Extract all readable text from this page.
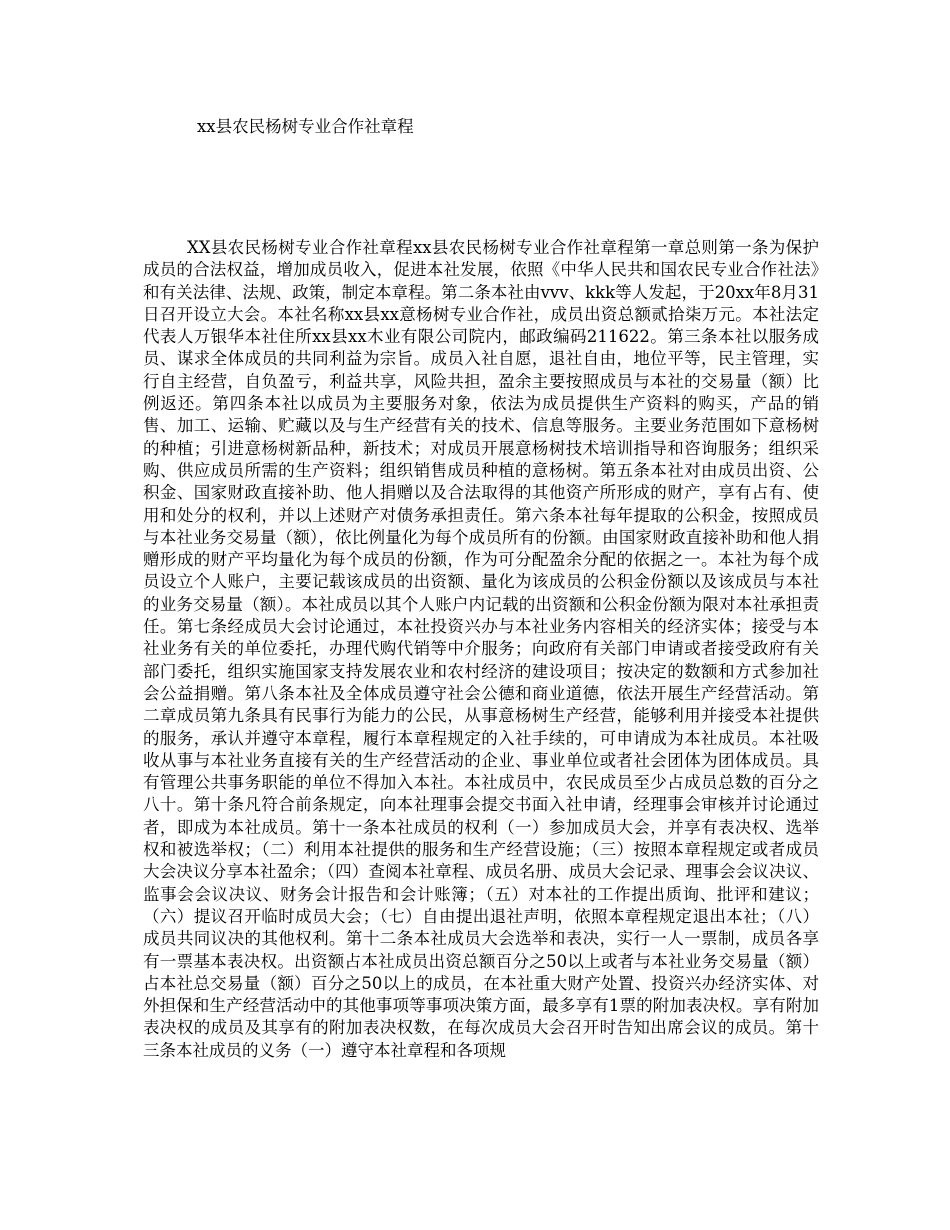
xx县农民杨树专业合作社章程

XX县农民杨树专业合作社章程xx县农民杨树专业合作社章程第一章总则第一条为保护成员的合法权益，增加成员收入，促进本社发展，依照《中华人民共和国农民专业合作社法》和有关法律、法规、政策，制定本章程。第二条本社由vvv、kkk等人发起，于20xx年8月31日召开设立大会。本社名称xx县xx意杨树专业合作社，成员出资总额贰拾柒万元。本社法定代表人万银华本社住所xx县xx木业有限公司院内，邮政编码211622。第三条本社以服务成员、谋求全体成员的共同利益为宗旨。成员入社自愿，退社自由，地位平等，民主管理，实行自主经营，自负盈亏，利益共享，风险共担，盈余主要按照成员与本社的交易量（额）比例返还。第四条本社以成员为主要服务对象，依法为成员提供生产资料的购买，产品的销售、加工、运输、贮藏以及与生产经营有关的技术、信息等服务。主要业务范围如下意杨树的种植；引进意杨树新品种，新技术；对成员开展意杨树技术培训指导和咨询服务；组织采购、供应成员所需的生产资料；组织销售成员种植的意杨树。第五条本社对由成员出资、公积金、国家财政直接补助、他人捐赠以及合法取得的其他资产所形成的财产，享有占有、使用和处分的权利，并以上述财产对债务承担责任。第六条本社每年提取的公积金，按照成员与本社业务交易量（额），依比例量化为每个成员所有的份额。由国家财政直接补助和他人捐赠形成的财产平均量化为每个成员的份额，作为可分配盈余分配的依据之一。本社为每个成员设立个人账户，主要记载该成员的出资额、量化为该成员的公积金份额以及该成员与本社的业务交易量（额）。本社成员以其个人账户内记载的出资额和公积金份额为限对本社承担责任。第七条经成员大会讨论通过，本社投资兴办与本社业务内容相关的经济实体；接受与本社业务有关的单位委托，办理代购代销等中介服务；向政府有关部门申请或者接受政府有关部门委托，组织实施国家支持发展农业和农村经济的建设项目；按决定的数额和方式参加社会公益捐赠。第八条本社及全体成员遵守社会公德和商业道德，依法开展生产经营活动。第二章成员第九条具有民事行为能力的公民，从事意杨树生产经营，能够利用并接受本社提供的服务，承认并遵守本章程，履行本章程规定的入社手续的，可申请成为本社成员。本社吸收从事与本社业务直接有关的生产经营活动的企业、事业单位或者社会团体为团体成员。具有管理公共事务职能的单位不得加入本社。本社成员中，农民成员至少占成员总数的百分之八十。第十条凡符合前条规定，向本社理事会提交书面入社申请，经理事会审核并讨论通过者，即成为本社成员。第十一条本社成员的权利（一）参加成员大会，并享有表决权、选举权和被选举权；（二）利用本社提供的服务和生产经营设施；（三）按照本章程规定或者成员大会决议分享本社盈余；（四）查阅本社章程、成员名册、成员大会记录、理事会会议决议、监事会会议决议、财务会计报告和会计账簿；（五）对本社的工作提出质询、批评和建议；（六）提议召开临时成员大会；（七）自由提出退社声明，依照本章程规定退出本社；（八）成员共同议决的其他权利。第十二条本社成员大会选举和表决，实行一人一票制，成员各享有一票基本表决权。出资额占本社成员出资总额百分之50以上或者与本社业务交易量（额）占本社总交易量（额）百分之50以上的成员，在本社重大财产处置、投资兴办经济实体、对外担保和生产经营活动中的其他事项等事项决策方面，最多享有1票的附加表决权。享有附加表决权的成员及其享有的附加表决权数，在每次成员大会召开时告知出席会议的成员。第十三条本社成员的义务（一）遵守本社章程和各项规
